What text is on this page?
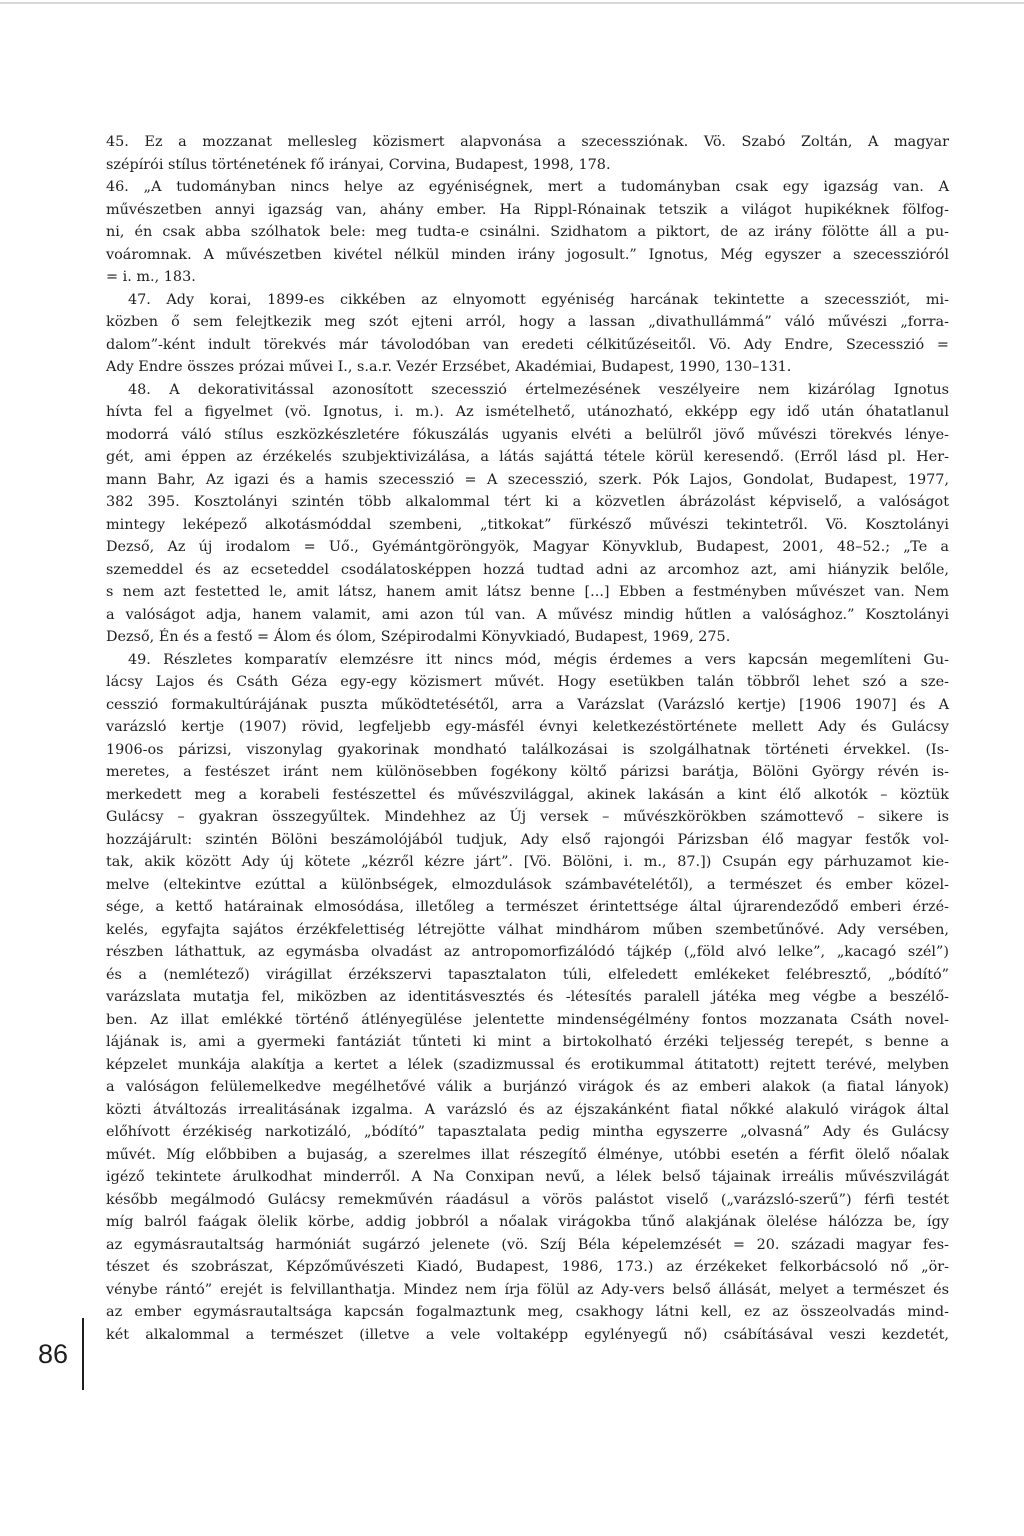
45. Ez a mozzanat mellesleg közismert alapvonása a szecessziónak. Vö. Szabó Zoltán, A magyar
szépírói stílus történetének fő irányai, Corvina, Budapest, 1998, 178.
46. „A tudományban nincs helye az egyéniségnek, mert a tudományban csak egy igazság van. A
művészetben annyi igazság van, ahány ember. Ha Rippl-Rónainak tetszik a világot hupikéknek fölfog-
ni, én csak abba szólhatok bele: meg tudta-e csinálni. Szidhatom a piktort, de az irány fölötte áll a pu-
voáromnak. A művészetben kivétel nélkül minden irány jogosult.” Ignotus, Még egyszer a szecesszióról
= i. m., 183.
47. Ady korai, 1899-es cikkében az elnyomott egyéniség harcának tekintette a szecessziót, mi-
közben ő sem felejtkezik meg szót ejteni arról, hogy a lassan „divathullámmá” váló művészi „forra-
dalom”-ként indult törekvés már távolodóban van eredeti célkitűzéseitől. Vö. Ady Endre, Szecesszió =
Ady Endre összes prózai művei I., s.a.r. Vezér Erzsébet, Akadémiai, Budapest, 1990, 130–131.
48. A dekorativitással azonosított szecesszió értelmezésének veszélyeire nem kizárólag Ignotus
hívta fel a figyelmet (vö. Ignotus, i. m.). Az ismételhető, utánozható, ekképp egy idő után óhatatlanul
modorrá váló stílus eszközkészletére fókuszálás ugyanis elvéti a belülről jövő művészi törekvés lénye-
gét, ami éppen az érzékelés szubjektivizálása, a látás sajáttá tétele körül keresendő. (Erről lásd pl. Her-
mann Bahr, Az igazi és a hamis szecesszió = A szecesszió, szerk. Pók Lajos, Gondolat, Budapest, 1977,
382 395. Kosztolányi szintén több alkalommal tért ki a közvetlen ábrázolást képviselő, a valóságot
mintegy leképező alkotásmóddal szembeni, „titkokat” fürkésző művészi tekintetről. Vö. Kosztolányi
Dezső, Az új irodalom = Uő., Gyémántgöröngyök, Magyar Könyvklub, Budapest, 2001, 48–52.; „Te a
szemeddel és az ecseteddel csodálatosképpen hozzá tudtad adni az arcomhoz azt, ami hiányzik belőle,
s nem azt festetted le, amit látsz, hanem amit látsz benne [...] Ebben a festményben művészet van. Nem
a valóságot adja, hanem valamit, ami azon túl van. A művész mindig hűtlen a valósághoz.” Kosztolányi
Dezső, Én és a festő = Álom és ólom, Szépirodalmi Könyvkiadó, Budapest, 1969, 275.
49. Részletes komparatív elemzésre itt nincs mód, mégis érdemes a vers kapcsán megemlíteni Gu-
lácsy Lajos és Csáth Géza egy-egy közismert művét. Hogy esetükben talán többről lehet szó a sze-
cesszió formakultúrájának puszta működtetésétől, arra a Varázslat (Varázsló kertje) [1906 1907] és A
varázsló kertje (1907) rövid, legfeljebb egy-másfél évnyi keletkezéstörténete mellett Ady és Gulácsy
1906-os párizsi, viszonylag gyakorinak mondható találkozásai is szolgálhatnak történeti érvekkel. (Is-
meretes, a festészet iránt nem különösebben fogékony költő párizsi barátja, Bölöni György révén is-
merkedett meg a korabeli festészettel és művészvilággal, akinek lakásán a kint élő alkotók – köztük
Gulácsy – gyakran összegyűltek. Mindehhez az Új versek – művészkörökben számottevő – sikere is
hozzájárult: szintén Bölöni beszámolójából tudjuk, Ady első rajongói Párizsban élő magyar festők vol-
tak, akik között Ady új kötete „kézről kézre járt”. [Vö. Bölöni, i. m., 87.]) Csupán egy párhuzamot kie-
melve (eltekintve ezúttal a különbségek, elmozdulások számbavételétől), a természet és ember közel-
sége, a kettő határainak elmosódása, illetőleg a természet érintettsége által újrarendeződő emberi érzé-
kelés, egyfajta sajátos érzékfelettiség létrejötte válhat mindhárom műben szembetűnővé. Ady versében,
részben láthattuk, az egymásba olvadást az antropomorfizálódó tájkép („föld alvó lelke”, „kacagó szél”)
és a (nemlétező) virágillat érzékszervi tapasztalaton túli, elfeledett emlékeket felébresztő, „bódító”
varázslata mutatja fel, miközben az identitásvesztés és -létesítés paralell játéka meg végbe a beszélő-
ben. Az illat emlékké történő átlényegülése jelentette mindenségélmény fontos mozzanata Csáth novel-
lájának is, ami a gyermeki fantáziát tűnteti ki mint a birtokolható érzéki teljesség terepét, s benne a
képzelet munkája alakítja a kertet a lélek (szadizmussal és erotikummal átitatott) rejtett terévé, melyben
a valóságon felülemelkedve megélhetővé válik a burjánzó virágok és az emberi alakok (a fiatal lányok)
közti átváltozás irrealitásának izgalma. A varázsló és az éjszakánként fiatal nőkké alakuló virágok által
előhívott érzékiség narkotizáló, „bódító” tapasztalata pedig mintha egyszerre „olvasná” Ady és Gulácsy
művét. Míg előbbiben a bujaság, a szerelmes illat részegítő élménye, utóbbi esetén a férfit ölelő nőalak
igéző tekintete árulkodhat minderről. A Na Conxipan nevű, a lélek belső tájainak irreális művészvilágát
később megálmodó Gulácsy remekművén ráadásul a vörös palástot viselő („varázsló-szerű”) férfi testét
míg balról faágak ölelik körbe, addig jobbról a nőalak virágokba tűnő alakjának ölelése hálózza be, így
az egymásrautaltság harmóniát sugárzó jelenete (vö. Szíj Béla képelemzését = 20. századi magyar fes-
tészet és szobrászat, Képzőművészeti Kiadó, Budapest, 1986, 173.) az érzékeket felkorbácsoló nő „ör-
vénybe rántó” erejét is felvillanthatja. Mindez nem írja fölül az Ady-vers belső állását, melyet a természet és
az ember egymásrautaltsága kapcsán fogalmaztunk meg, csakhogy látni kell, ez az összeolvadás mind-
két alkalommal a természet (illetve a vele voltaképp egylényegű nő) csábításával veszi kezdetét,
86
